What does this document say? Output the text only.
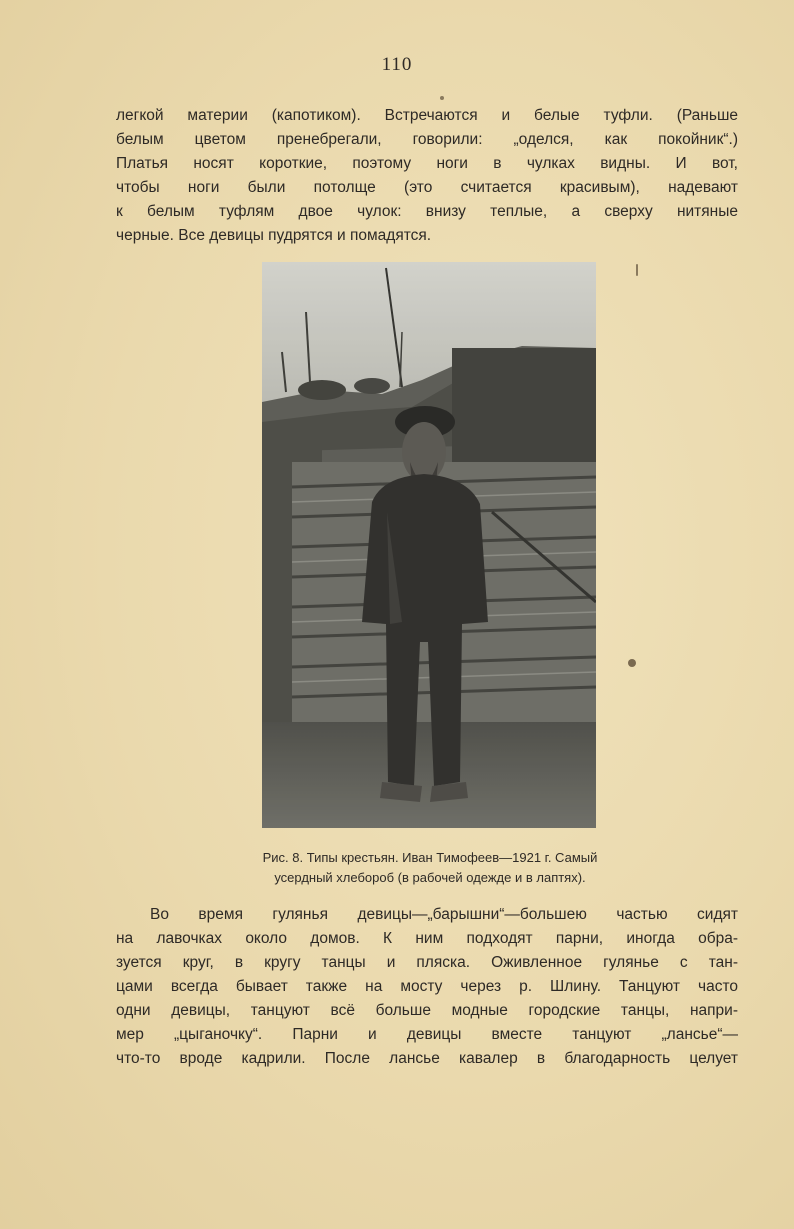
110
легкой материи (капотиком). Встречаются и белые туфли. (Раньше
белым цветом пренебрегали, говорили: „оделся, как покойник“.)
Платья носят короткие, поэтому ноги в чулках видны. И вот,
чтобы ноги были потолще (это считается красивым), надевают
к белым туфлям двое чулок: внизу теплые, а сверху нитяные
черные. Все девицы пудрятся и помадятся.
Рис. 8. Типы крестьян. Иван Тимофеев—1921 г. Самый
усердный хлебороб (в рабочей одежде и в лаптях).
Во время гулянья девицы—„барышни“—большею частью сидят
на лавочках около домов. К ним подходят парни, иногда обра-
зуется круг, в кругу танцы и пляска. Оживленное гулянье с тан-
цами всегда бывает также на мосту через р. Шлину. Танцуют часто
одни девицы, танцуют всё больше модные городские танцы, напри-
мер „цыганочку“. Парни и девицы вместе танцуют „лансье“—
что-то вроде кадрили. После лансье кавалер в благодарность целует
